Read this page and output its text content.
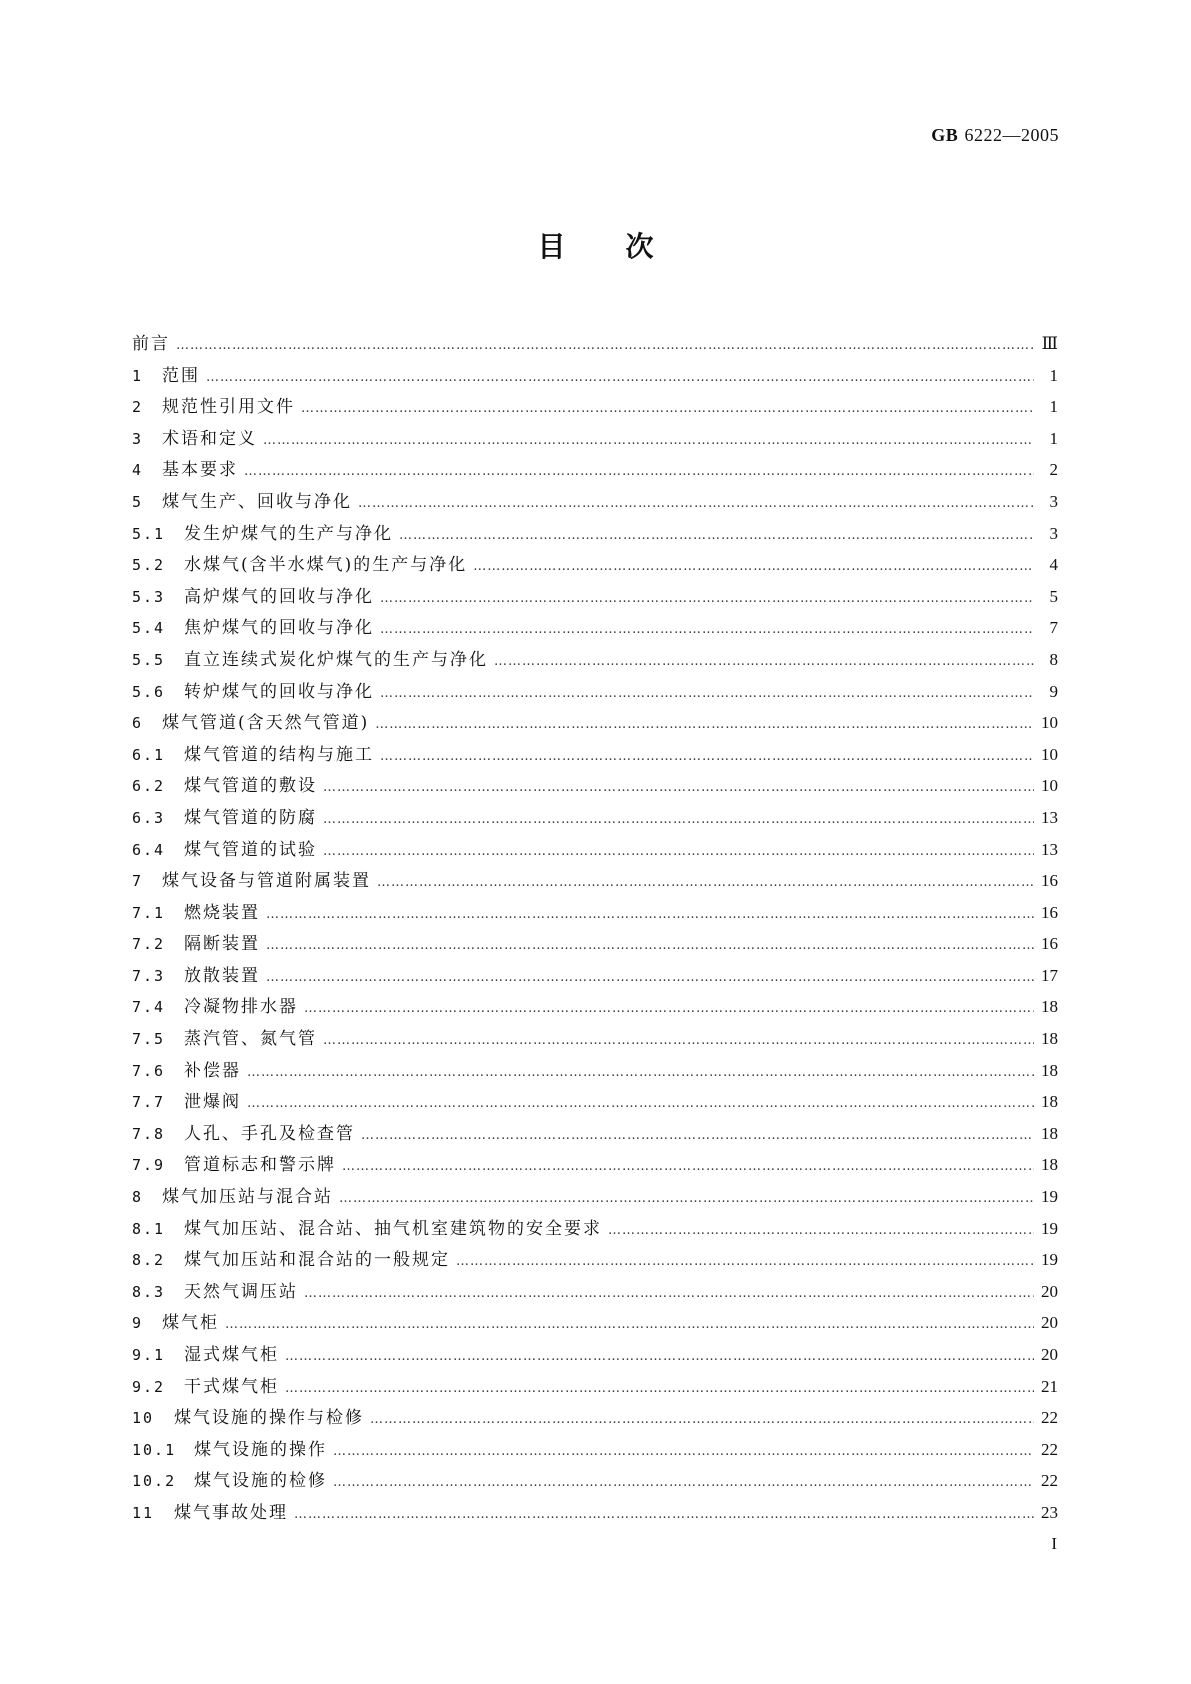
GB 6222—2005
目次
前言 ……………………………………………………………………………………………………………………………………………………………………………………………………………………	Ⅲ
1	范围 ……………………………………………………………………………………………………………………………………………………………………………………………………………………	1
2	规范性引用文件 ……………………………………………………………………………………………………………………………………………………………………………………………………………………	1
3	术语和定义 ……………………………………………………………………………………………………………………………………………………………………………………………………………………	1
4	基本要求 ……………………………………………………………………………………………………………………………………………………………………………………………………………………	2
5	煤气生产、回收与净化 ……………………………………………………………………………………………………………………………………………………………………………………………………………………	3
5.1	发生炉煤气的生产与净化 ……………………………………………………………………………………………………………………………………………………………………………………………………………………	3
5.2	水煤气(含半水煤气)的生产与净化 ……………………………………………………………………………………………………………………………………………………………………………………………………………………	4
5.3	高炉煤气的回收与净化 ……………………………………………………………………………………………………………………………………………………………………………………………………………………	5
5.4	焦炉煤气的回收与净化 ……………………………………………………………………………………………………………………………………………………………………………………………………………………	7
5.5	直立连续式炭化炉煤气的生产与净化 ……………………………………………………………………………………………………………………………………………………………………………………………………………………	8
5.6	转炉煤气的回收与净化 ……………………………………………………………………………………………………………………………………………………………………………………………………………………	9
6	煤气管道(含天然气管道) ……………………………………………………………………………………………………………………………………………………………………………………………………………………	10
6.1	煤气管道的结构与施工 ……………………………………………………………………………………………………………………………………………………………………………………………………………………	10
6.2	煤气管道的敷设 ……………………………………………………………………………………………………………………………………………………………………………………………………………………	10
6.3	煤气管道的防腐 ……………………………………………………………………………………………………………………………………………………………………………………………………………………	13
6.4	煤气管道的试验 ……………………………………………………………………………………………………………………………………………………………………………………………………………………	13
7	煤气设备与管道附属装置 ……………………………………………………………………………………………………………………………………………………………………………………………………………………	16
7.1	燃烧装置 ……………………………………………………………………………………………………………………………………………………………………………………………………………………	16
7.2	隔断装置 ……………………………………………………………………………………………………………………………………………………………………………………………………………………	16
7.3	放散装置 ……………………………………………………………………………………………………………………………………………………………………………………………………………………	17
7.4	冷凝物排水器 ……………………………………………………………………………………………………………………………………………………………………………………………………………………	18
7.5	蒸汽管、氮气管 ……………………………………………………………………………………………………………………………………………………………………………………………………………………	18
7.6	补偿器 ……………………………………………………………………………………………………………………………………………………………………………………………………………………	18
7.7	泄爆阀 ……………………………………………………………………………………………………………………………………………………………………………………………………………………	18
7.8	人孔、手孔及检查管 ……………………………………………………………………………………………………………………………………………………………………………………………………………………	18
7.9	管道标志和警示牌 ……………………………………………………………………………………………………………………………………………………………………………………………………………………	18
8	煤气加压站与混合站 ……………………………………………………………………………………………………………………………………………………………………………………………………………………	19
8.1	煤气加压站、混合站、抽气机室建筑物的安全要求 ……………………………………………………………………………………………………………………………………………………………………………………………………………………	19
8.2	煤气加压站和混合站的一般规定 ……………………………………………………………………………………………………………………………………………………………………………………………………………………	19
8.3	天然气调压站 ……………………………………………………………………………………………………………………………………………………………………………………………………………………	20
9	煤气柜 ……………………………………………………………………………………………………………………………………………………………………………………………………………………	20
9.1	湿式煤气柜 ……………………………………………………………………………………………………………………………………………………………………………………………………………………	20
9.2	干式煤气柜 ……………………………………………………………………………………………………………………………………………………………………………………………………………………	21
10	煤气设施的操作与检修 ……………………………………………………………………………………………………………………………………………………………………………………………………………………	22
10.1	煤气设施的操作 ……………………………………………………………………………………………………………………………………………………………………………………………………………………	22
10.2	煤气设施的检修 ……………………………………………………………………………………………………………………………………………………………………………………………………………………	22
11	煤气事故处理 ……………………………………………………………………………………………………………………………………………………………………………………………………………………	23
I
